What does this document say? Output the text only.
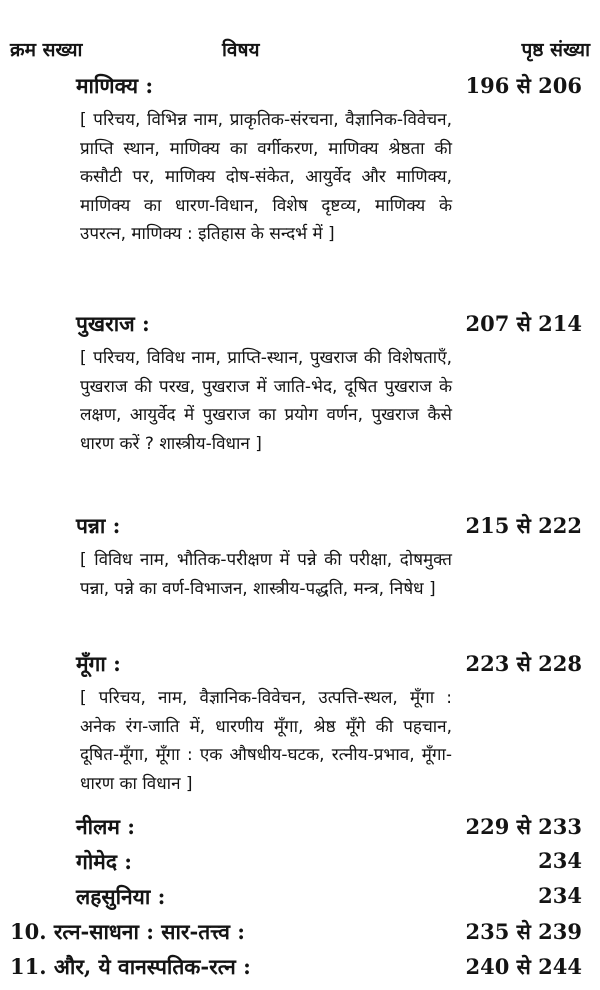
क्रम सख्या	विषय	पृष्ठ संख्या
माणिक्य :	196 से 206
[ परिचय, विभिन्न नाम, प्राकृतिक-संरचना, वैज्ञानिक-विवेचन, प्राप्ति स्थान, माणिक्य का वर्गीकरण, माणिक्य श्रेष्ठता की कसौटी पर, माणिक्य दोष-संकेत, आयुर्वेद और माणिक्य, माणिक्य का धारण-विधान, विशेष दृष्टव्य, माणिक्य के उपरत्न, माणिक्य : इतिहास के सन्दर्भ में ]
पुखराज :	207 से 214
[ परिचय, विविध नाम, प्राप्ति-स्थान, पुखराज की विशेषताएँ, पुखराज की परख, पुखराज में जाति-भेद, दूषित पुखराज के लक्षण, आयुर्वेद में पुखराज का प्रयोग वर्णन, पुखराज कैसे धारण करें ? शास्त्रीय-विधान ]
पन्ना :	215 से 222
[ विविध नाम, भौतिक-परीक्षण में पन्ने की परीक्षा, दोषमुक्त पन्ना, पन्ने का वर्ण-विभाजन, शास्त्रीय-पद्धति, मन्त्र, निषेध ]
मूँगा :	223 से 228
[ परिचय, नाम, वैज्ञानिक-विवेचन, उत्पत्ति-स्थल, मूँगा : अनेक रंग-जाति में, धारणीय मूँगा, श्रेष्ठ मूँगे की पहचान, दूषित-मूँगा, मूँगा : एक औषधीय-घटक, रत्नीय-प्रभाव, मूँगा-धारण का विधान ]
नीलम :	229 से 233
गोमेद :	234
लहसुनिया :	234
10. रत्न-साधना : सार-तत्त्व :	235 से 239
11. और, ये वानस्पतिक-रत्न :	240 से 244
